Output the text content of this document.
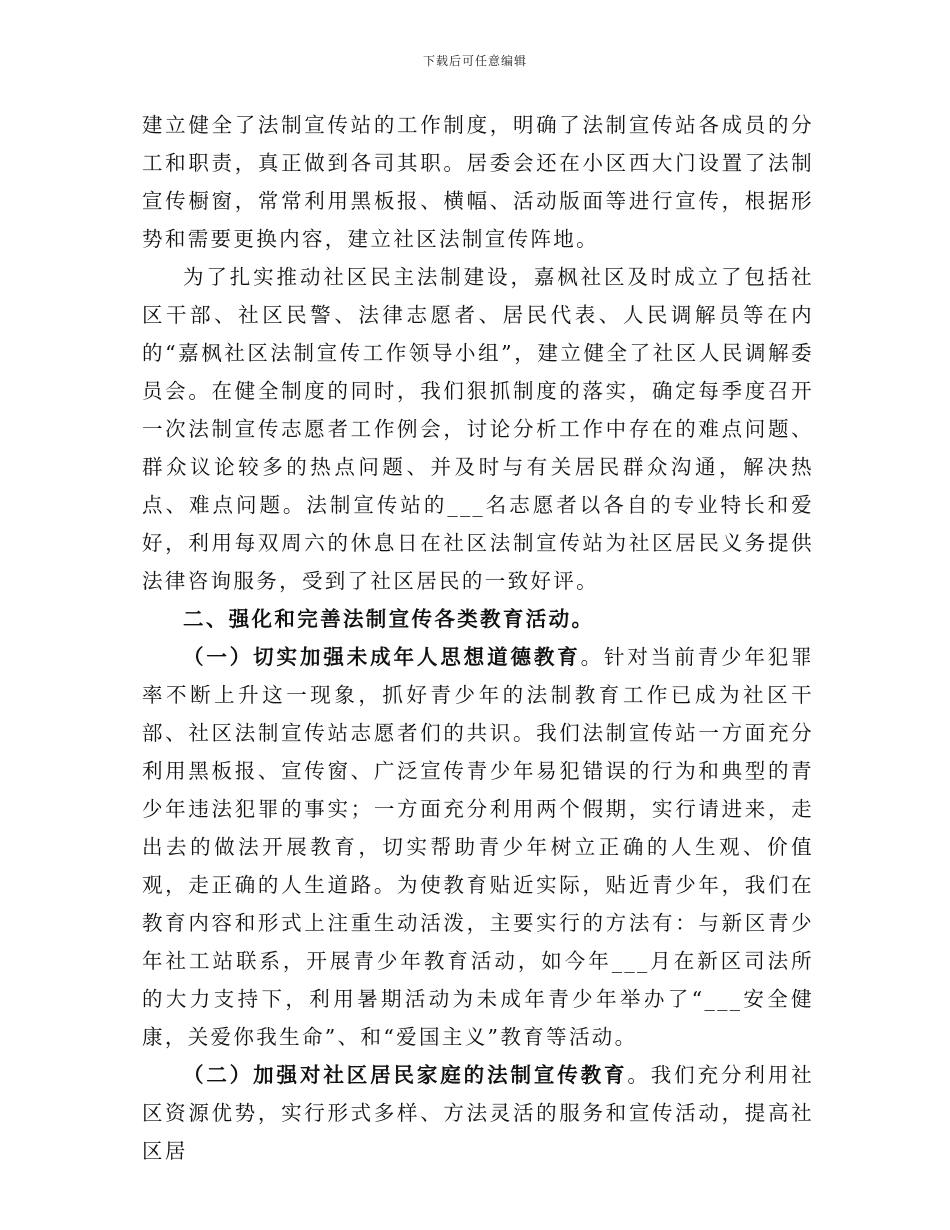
下载后可任意编辑

建立健全了法制宣传站的工作制度，明确了法制宣传站各成员的分工和职责，真正做到各司其职。居委会还在小区西大门设置了法制宣传橱窗，常常利用黑板报、横幅、活动版面等进行宣传，根据形势和需要更换内容，建立社区法制宣传阵地。

为了扎实推动社区民主法制建设，嘉枫社区及时成立了包括社区干部、社区民警、法律志愿者、居民代表、人民调解员等在内的“嘉枫社区法制宣传工作领导小组”，建立健全了社区人民调解委员会。在健全制度的同时，我们狠抓制度的落实，确定每季度召开一次法制宣传志愿者工作例会，讨论分析工作中存在的难点问题、群众议论较多的热点问题、并及时与有关居民群众沟通，解决热点、难点问题。法制宣传站的___名志愿者以各自的专业特长和爱好，利用每双周六的休息日在社区法制宣传站为社区居民义务提供法律咨询服务，受到了社区居民的一致好评。

二、强化和完善法制宣传各类教育活动。

（一）切实加强未成年人思想道德教育。针对当前青少年犯罪率不断上升这一现象，抓好青少年的法制教育工作已成为社区干部、社区法制宣传站志愿者们的共识。我们法制宣传站一方面充分利用黑板报、宣传窗、广泛宣传青少年易犯错误的行为和典型的青少年违法犯罪的事实；一方面充分利用两个假期，实行请进来，走出去的做法开展教育，切实帮助青少年树立正确的人生观、价值观，走正确的人生道路。为使教育贴近实际，贴近青少年，我们在教育内容和形式上注重生动活泼，主要实行的方法有：与新区青少年社工站联系，开展青少年教育活动，如今年___月在新区司法所的大力支持下，利用暑期活动为未成年青少年举办了“___安全健康，关爱你我生命”、和“爱国主义”教育等活动。

（二）加强对社区居民家庭的法制宣传教育。我们充分利用社区资源优势，实行形式多样、方法灵活的服务和宣传活动，提高社区居
